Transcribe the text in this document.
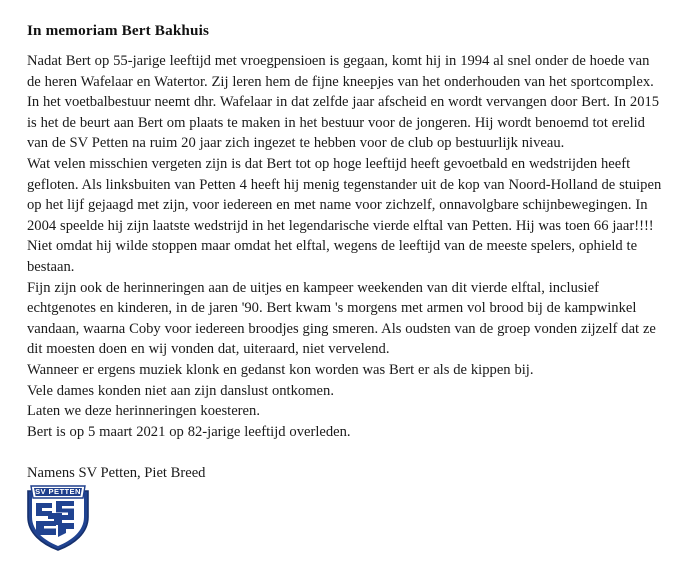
In memoriam Bert Bakhuis

Nadat Bert op 55-jarige leeftijd met vroegpensioen is gegaan, komt hij in 1994 al snel onder de hoede van de heren Wafelaar en Watertor. Zij leren hem de fijne kneepjes van het onderhouden van het sportcomplex. In het voetbalbestuur neemt dhr. Wafelaar in dat zelfde jaar afscheid en wordt vervangen door Bert. In 2015 is het de beurt aan Bert om plaats te maken in het bestuur voor de jongeren. Hij wordt benoemd tot erelid van de SV Petten na ruim 20 jaar zich ingezet te hebben voor de club op bestuurlijk niveau.

Wat velen misschien vergeten zijn is dat Bert tot op hoge leeftijd heeft gevoetbald en wedstrijden heeft gefloten. Als linksbuiten van Petten 4 heeft hij menig tegenstander uit de kop van Noord-Holland de stuipen op het lijf gejaagd met zijn, voor iedereen en met name voor zichzelf, onnavolgbare schijnbewegingen. In 2004 speelde hij zijn laatste wedstrijd in het legendarische vierde elftal van Petten. Hij was toen 66 jaar!!!! Niet omdat hij wilde stoppen maar omdat het elftal, wegens de leeftijd van de meeste spelers, ophield te bestaan.

Fijn zijn ook de herinneringen aan de uitjes en kampeer weekenden van dit vierde elftal, inclusief echtgenotes en kinderen, in de jaren '90. Bert kwam 's morgens met armen vol brood bij de kampwinkel vandaan, waarna Coby voor iedereen broodjes ging smeren. Als oudsten van de groep vonden zijzelf dat ze dit moesten doen en wij vonden dat, uiteraard, niet vervelend.

Wanneer er ergens muziek klonk en gedanst kon worden was Bert er als de kippen bij.

Vele dames konden niet aan zijn danslust ontkomen.

Laten we deze herinneringen koesteren.

Bert is op 5 maart 2021 op 82-jarige leeftijd overleden.

Namens SV Petten, Piet Breed

SV PETTEN
